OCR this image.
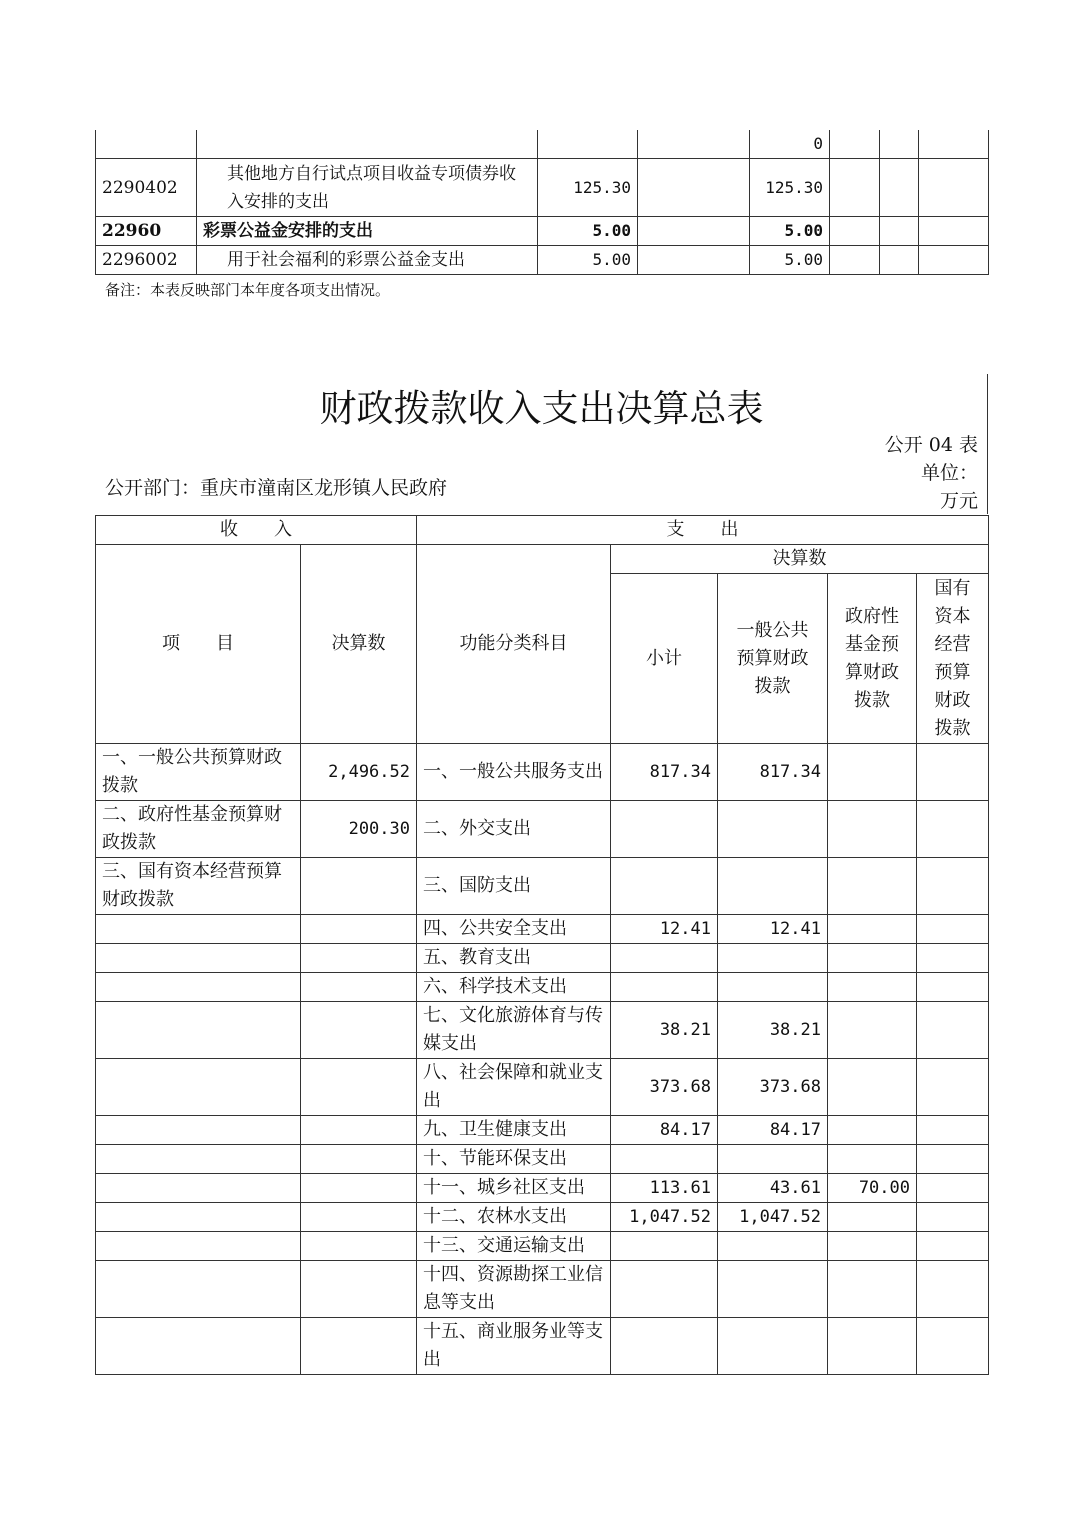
				0			
2290402	其他地方自行试点项目收益专项债券收入安排的支出	125.30		125.30			
22960	彩票公益金安排的支出	5.00		5.00			
2296002	用于社会福利的彩票公益金支出	5.00		5.00			
备注：本表反映部门本年度各项支出情况。
财政拨款收入支出决算总表
公开 04 表
单位：
万元
公开部门：重庆市潼南区龙形镇人民政府
收　　入		支　　出				
项　　目	决算数	功能分类科目	决算数			
			小计	一般公共预算财政拨款	政府性基金预算财政拨款	国有资本经营预算财政拨款
一、一般公共预算财政拨款	2,496.52	一、一般公共服务支出	817.34	817.34		
二、政府性基金预算财政拨款	200.30	二、外交支出				
三、国有资本经营预算财政拨款		三、国防支出				
		四、公共安全支出	12.41	12.41		
		五、教育支出				
		六、科学技术支出				
		七、文化旅游体育与传媒支出	38.21	38.21		
		八、社会保障和就业支出	373.68	373.68		
		九、卫生健康支出	84.17	84.17		
		十、节能环保支出				
		十一、城乡社区支出	113.61	43.61	70.00	
		十二、农林水支出	1,047.52	1,047.52		
		十三、交通运输支出				
		十四、资源勘探工业信息等支出				
		十五、商业服务业等支出				
